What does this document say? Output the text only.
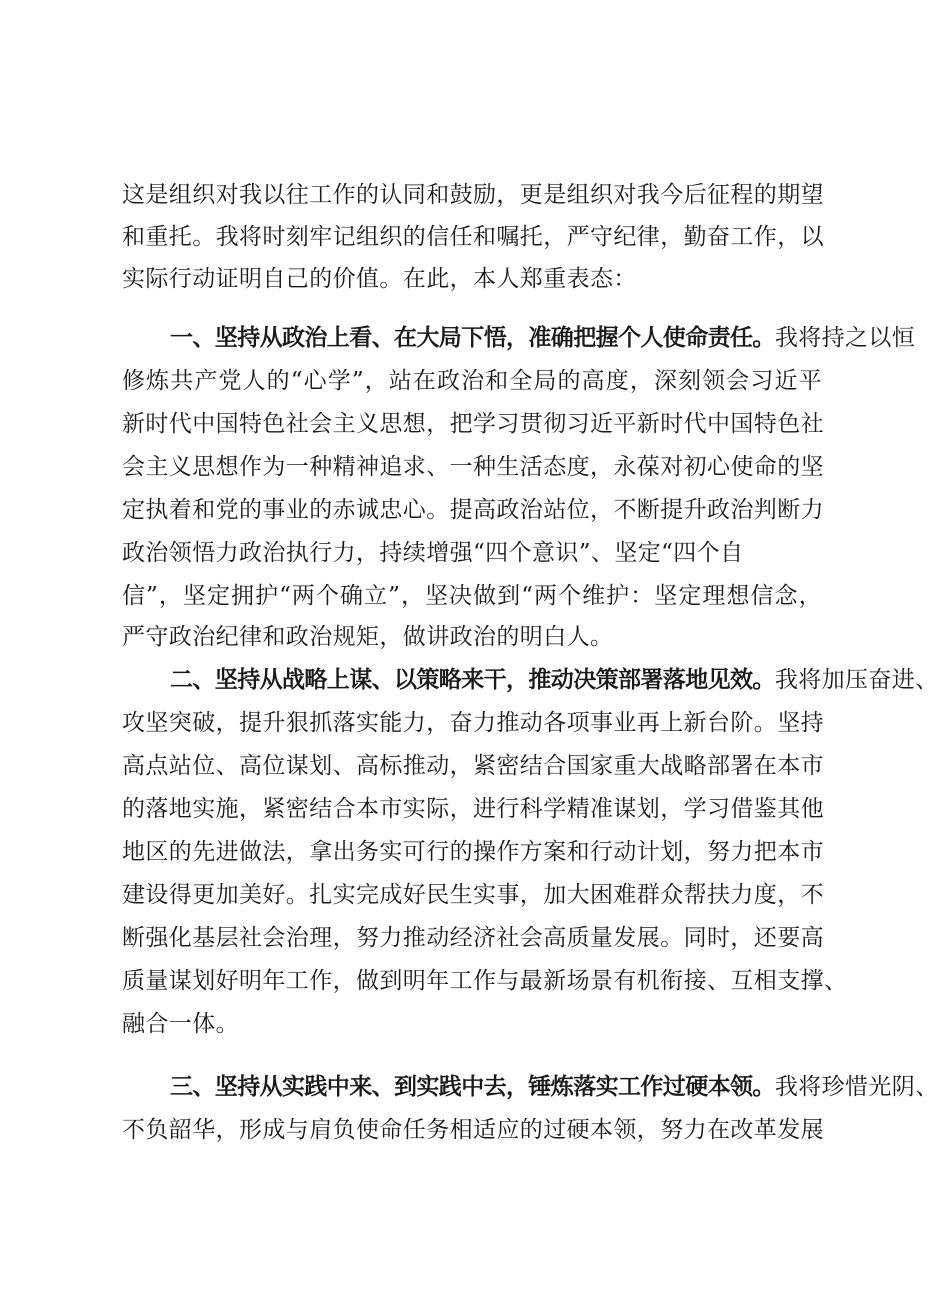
这是组织对我以往工作的认同和鼓励，更是组织对我今后征程的期望
和重托。我将时刻牢记组织的信任和嘱托，严守纪律，勤奋工作，以
实际行动证明自己的价值。在此，本人郑重表态：
一、坚持从政治上看、在大局下悟，准确把握个人使命责任。我将持之以恒
修炼共产党人的“心学”，站在政治和全局的高度，深刻领会习近平
新时代中国特色社会主义思想，把学习贯彻习近平新时代中国特色社
会主义思想作为一种精神追求、一种生活态度，永葆对初心使命的坚
定执着和党的事业的赤诚忠心。提高政治站位，不断提升政治判断力
政治领悟力政治执行力，持续增强“四个意识”、坚定“四个自
信”，坚定拥护“两个确立”，坚决做到“两个维护：坚定理想信念，
严守政治纪律和政治规矩，做讲政治的明白人。
二、坚持从战略上谋、以策略来干，推动决策部署落地见效。我将加压奋进、
攻坚突破，提升狠抓落实能力，奋力推动各项事业再上新台阶。坚持
高点站位、高位谋划、高标推动，紧密结合国家重大战略部署在本市
的落地实施，紧密结合本市实际，进行科学精准谋划，学习借鉴其他
地区的先进做法，拿出务实可行的操作方案和行动计划，努力把本市
建设得更加美好。扎实完成好民生实事，加大困难群众帮扶力度，不
断强化基层社会治理，努力推动经济社会高质量发展。同时，还要高
质量谋划好明年工作，做到明年工作与最新场景有机衔接、互相支撑、
融合一体。
三、坚持从实践中来、到实践中去，锤炼落实工作过硬本领。我将珍惜光阴、
不负韶华，形成与肩负使命任务相适应的过硬本领，努力在改革发展
